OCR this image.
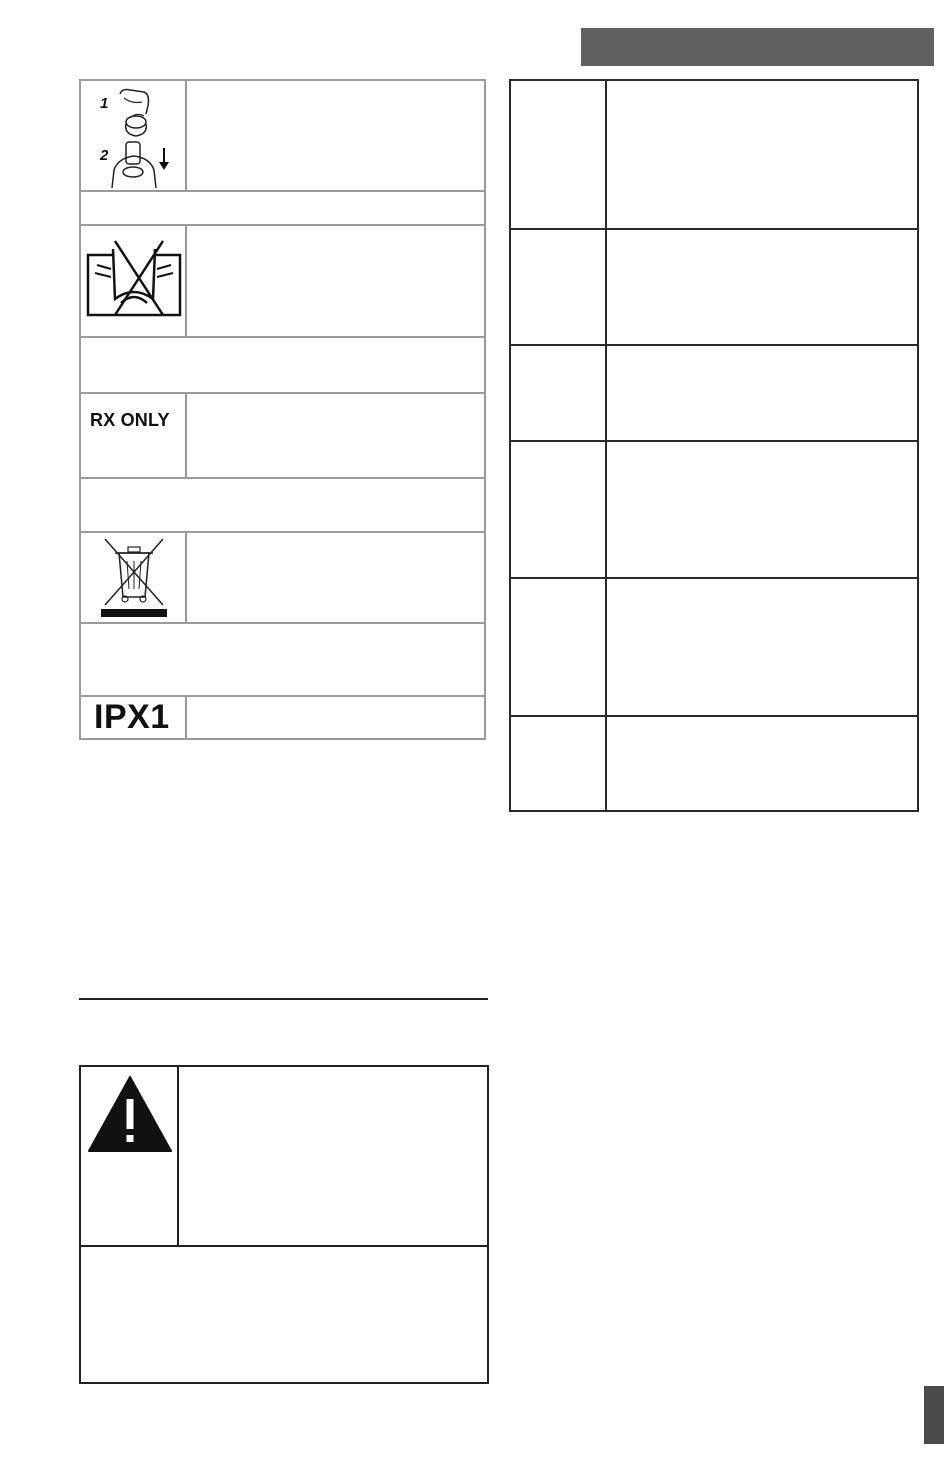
1
2
RX ONLY
IPX1
